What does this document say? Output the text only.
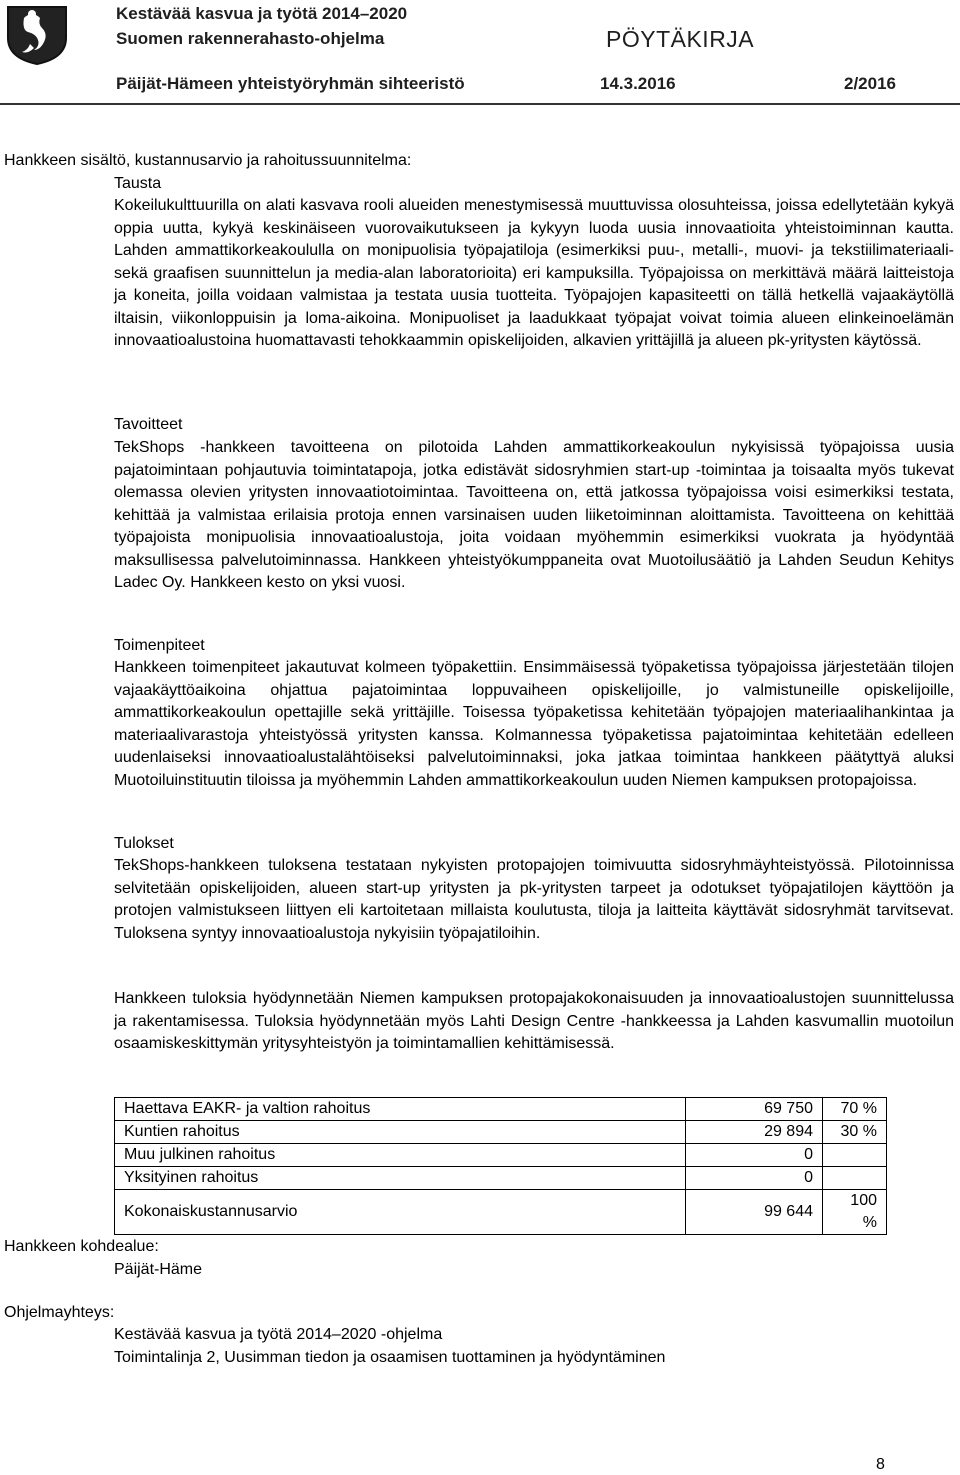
Kestävää kasvua ja työtä 2014–2020
Suomen rakennerahasto-ohjelma	PÖYTÄKIRJA
Päijät-Hämeen yhteistyöryhmän sihteeristö	14.3.2016	2/2016
Hankkeen sisältö, kustannusarvio ja rahoitussuunnitelma:
Tausta
Kokeilukulttuurilla on alati kasvava rooli alueiden menestymisessä muuttuvissa olosuhteissa, joissa edellytetään kykyä oppia uutta, kykyä keskinäiseen vuorovaikutukseen ja kykyyn luoda uusia innovaatioita yhteistoiminnan kautta. Lahden ammattikorkeakoululla on monipuolisia työpajatiloja (esimerkiksi puu-, metalli-, muovi- ja tekstiilimateriaali- sekä graafisen suunnittelun ja media-alan laboratorioita) eri kampuksilla. Työpajoissa on merkittävä määrä laitteistoja ja koneita, joilla voidaan valmistaa ja testata uusia tuotteita. Työpajojen kapasiteetti on tällä hetkellä vajaakäytöllä iltaisin, viikonloppuisin ja loma-aikoina. Monipuoliset ja laadukkaat työpajat voivat toimia alueen elinkeinoelämän innovaatioalustoina huomattavasti tehokkaammin opiskelijoiden, alkavien yrittäjillä ja alueen pk-yritysten käytössä.
Tavoitteet
TekShops -hankkeen tavoitteena on pilotoida Lahden ammattikorkeakoulun nykyisissä työpajoissa uusia pajatoimintaan pohjautuvia toimintatapoja, jotka edistävät sidosryhmien start-up -toimintaa ja toisaalta myös tukevat olemassa olevien yritysten innovaatiotoimintaa. Tavoitteena on, että jatkossa työpajoissa voisi esimerkiksi testata, kehittää ja valmistaa erilaisia protoja ennen varsinaisen uuden liiketoiminnan aloittamista. Tavoitteena on kehittää työpajoista monipuolisia innovaatioalustoja, joita voidaan myöhemmin esimerkiksi vuokrata ja hyödyntää maksullisessa palvelutoiminnassa. Hankkeen yhteistyökumppaneita ovat Muotoilusäätiö ja Lahden Seudun Kehitys Ladec Oy. Hankkeen kesto on yksi vuosi.
Toimenpiteet
Hankkeen toimenpiteet jakautuvat kolmeen työpakettiin. Ensimmäisessä työpaketissa työpajoissa järjestetään tilojen vajaakäyttöaikoina ohjattua pajatoimintaa loppuvaiheen opiskelijoille, jo valmistuneille opiskelijoille, ammattikorkeakoulun opettajille sekä yrittäjille. Toisessa työpaketissa kehitetään työpajojen materiaalihankintaa ja materiaalivarastoja yhteistyössä yritysten kanssa. Kolmannessa työpaketissa pajatoimintaa kehitetään edelleen uudenlaiseksi innovaatioalustalähtöiseksi palvelutoiminnaksi, joka jatkaa toimintaa hankkeen päätyttyä aluksi Muotoiluinstituutin tiloissa ja myöhemmin Lahden ammattikorkeakoulun uuden Niemen kampuksen protopajoissa.
Tulokset
TekShops-hankkeen tuloksena testataan nykyisten protopajojen toimivuutta sidosryhmäyhteistyössä. Pilotoinnissa selvitetään opiskelijoiden, alueen start-up yritysten ja pk-yritysten tarpeet ja odotukset työpajatilojen käyttöön ja protojen valmistukseen liittyen eli kartoitetaan millaista koulutusta, tiloja ja laitteita käyttävät sidosryhmät tarvitsevat. Tuloksena syntyy innovaatioalustoja nykyisiin työpajatiloihin.
Hankkeen tuloksia hyödynnetään Niemen kampuksen protopajakokonaisuuden ja innovaatioalustojen suunnittelussa ja rakentamisessa. Tuloksia hyödynnetään myös Lahti Design Centre -hankkeessa ja Lahden kasvumallin muotoilun osaamiskeskittymän yritysyhteistyön ja toimintamallien kehittämisessä.
Haettava EAKR- ja valtion rahoitus	69 750	70 %
Kuntien rahoitus	29 894	30 %
Muu julkinen rahoitus	0	
Yksityinen rahoitus	0	
Kokonaiskustannusarvio	99 644	100 %
Hankkeen kohdealue:
Päijät-Häme
Ohjelmayhteys:
Kestävää kasvua ja työtä 2014–2020 -ohjelma
Toimintalinja 2, Uusimman tiedon ja osaamisen tuottaminen ja hyödyntäminen
8
